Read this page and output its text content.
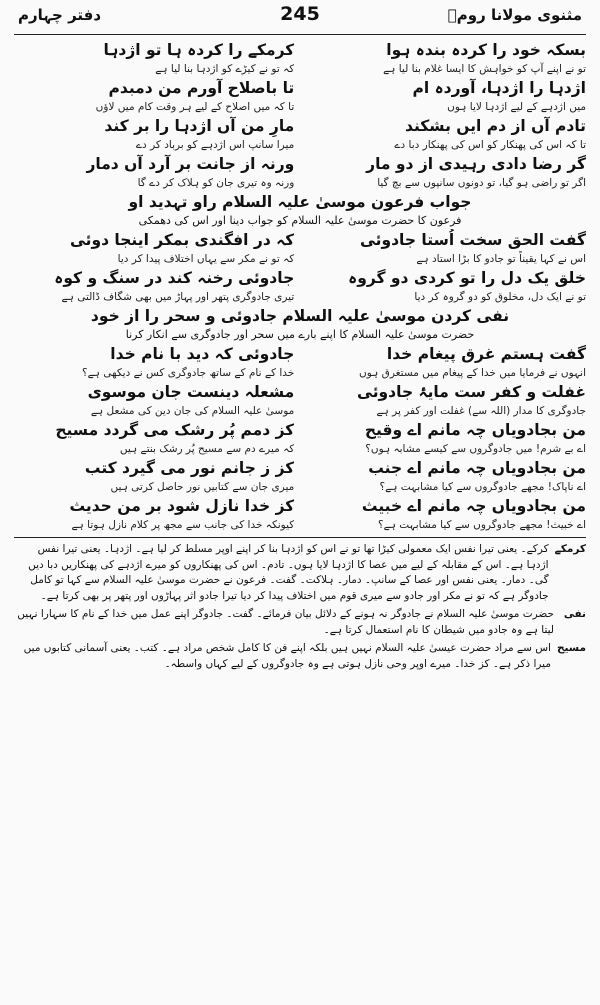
دفتر چہارم	245	مثنوی مولانا رومؒ
بسکہ خود را کردہ بندہ ہوا
کرمکے را کردہ ہا تو اژدہا
تو نے اپنے آپ کو خواہش کا ایسا غلام بنا لیا ہے
کہ تو نے کیڑے کو اژدہا بنا لیا ہے
اژدہا را اژدہا، آوردہ ام
تا باصلاح آورم من دمبدم
میں اژدہے کے لیے اژدہا لایا ہوں
تا کہ میں اصلاح کے لیے ہر وقت کام میں لاؤں
تادم آں از دم ایں بشکند
مارِ من آں اژدہا را بر کند
تا کہ اس کی پھنکار کو اس کی پھنکار دبا دے
میرا سانپ اس اژدہے کو برباد کر دے
گر رضا دادی رہیدی از دو مار
ورنہ از جانت بر آرد آں دمار
اگر تو راضی ہو گیا، تو دونوں سانپوں سے بچ گیا
ورنہ وہ تیری جان کو ہلاک کر دے گا
جواب فرعون موسیٰ علیہ السلام راو تہدید او
فرعون کا حضرت موسیٰ علیہ السلام کو جواب دینا اور اس کی دھمکی
گفت الحق سخت اُستا جادوئی
کہ در افگندی بمکر اینجا دوئی
اس نے کہا یقیناً تو جادو کا بڑا استاد ہے
کہ تو نے مکر سے یہاں اختلاف پیدا کر دیا
خلق یک دل را تو کردی دو گروہ
جادوئی رخنہ کند در سنگ و کوہ
تو نے ایک دل، مخلوق کو دو گروہ کر دیا
تیری جادوگری پتھر اور پہاڑ میں بھی شگاف ڈالتی ہے
نفی کردن موسیٰ علیہ السلام جادوئی و سحر را از خود
حضرت موسیٰ علیہ السلام کا اپنے بارے میں سحر اور جادوگری سے انکار کرنا
گفت ہستم غرق پیغام خدا
جادوئی کہ دید با نام خدا
انہوں نے فرمایا میں خدا کے پیغام میں مستغرق ہوں
خدا کے نام کے ساتھ جادوگری کس نے دیکھی ہے؟
غفلت و کفر ست مایۂ جادوئی
مشعلہ دینست جان موسوی
جادوگری کا مدار (اللہ سے) غفلت اور کفر پر ہے
موسیٰ علیہ السلام کی جان دین کی مشعل ہے
من بجادویاں چہ مانم اے وقیح
کز دمم پُر رشک می گردد مسیح
اے بے شرم! میں جادوگروں سے کیسے مشابہ ہوں؟
کہ میرے دم سے مسیح پُر رشک بنتے ہیں
من بجادویاں چہ مانم اے جنب
کز ز جانم نور می گیرد کتب
اے ناپاک! مجھے جادوگروں سے کیا مشابہت ہے؟
میری جان سے کتابیں نور حاصل کرتی ہیں
من بجادویاں چہ مانم اے خبیث
کز خدا نازل شود بر من حدیث
اے خبیث! مجھے جادوگروں سے کیا مشابہت ہے؟
کیونکہ خدا کی جانب سے مجھ پر کلام نازل ہوتا ہے
کرمکے
کرکے۔ یعنی تیرا نفس ایک معمولی کیڑا تھا تو نے اس کو اژدہا بنا کر اپنے اوپر مسلط کر لیا ہے۔ اژدہا۔ یعنی تیرا نفس اژدہا ہے۔ اس کے مقابلہ کے لیے میں عصا کا اژدہا لایا ہوں۔ تادم۔ اس کی پھنکاروں کو میرے اژدہے کی پھنکاریں دبا دیں گی۔ دمار۔ یعنی نفس اور عصا کے سانپ۔ دمار۔ ہلاکت۔ گفت۔ فرعون نے حضرت موسیٰ علیہ السلام سے کہا تو کامل جادوگر ہے کہ تو نے مکر اور جادو سے میری قوم میں اختلاف پیدا کر دیا تیرا جادو اثر پہاڑوں اور پتھر پر بھی کرتا ہے۔
نفی
حضرت موسیٰ علیہ السلام نے جادوگر نہ ہونے کے دلائل بیان فرمائے۔ گفت۔ جادوگر اپنے عمل میں خدا کے نام کا سہارا نہیں لیتا ہے وہ جادو میں شیطان کا نام استعمال کرتا ہے۔
مسیح
اس سے مراد حضرت عیسیٰ علیہ السلام نہیں ہیں بلکہ اپنے فن کا کامل شخص مراد ہے۔ کتب۔ یعنی آسمانی کتابوں میں میرا ذکر ہے۔ کز خدا۔ میرے اوپر وحی نازل ہوتی ہے وہ جادوگروں کے لیے کہاں واسطہ۔
